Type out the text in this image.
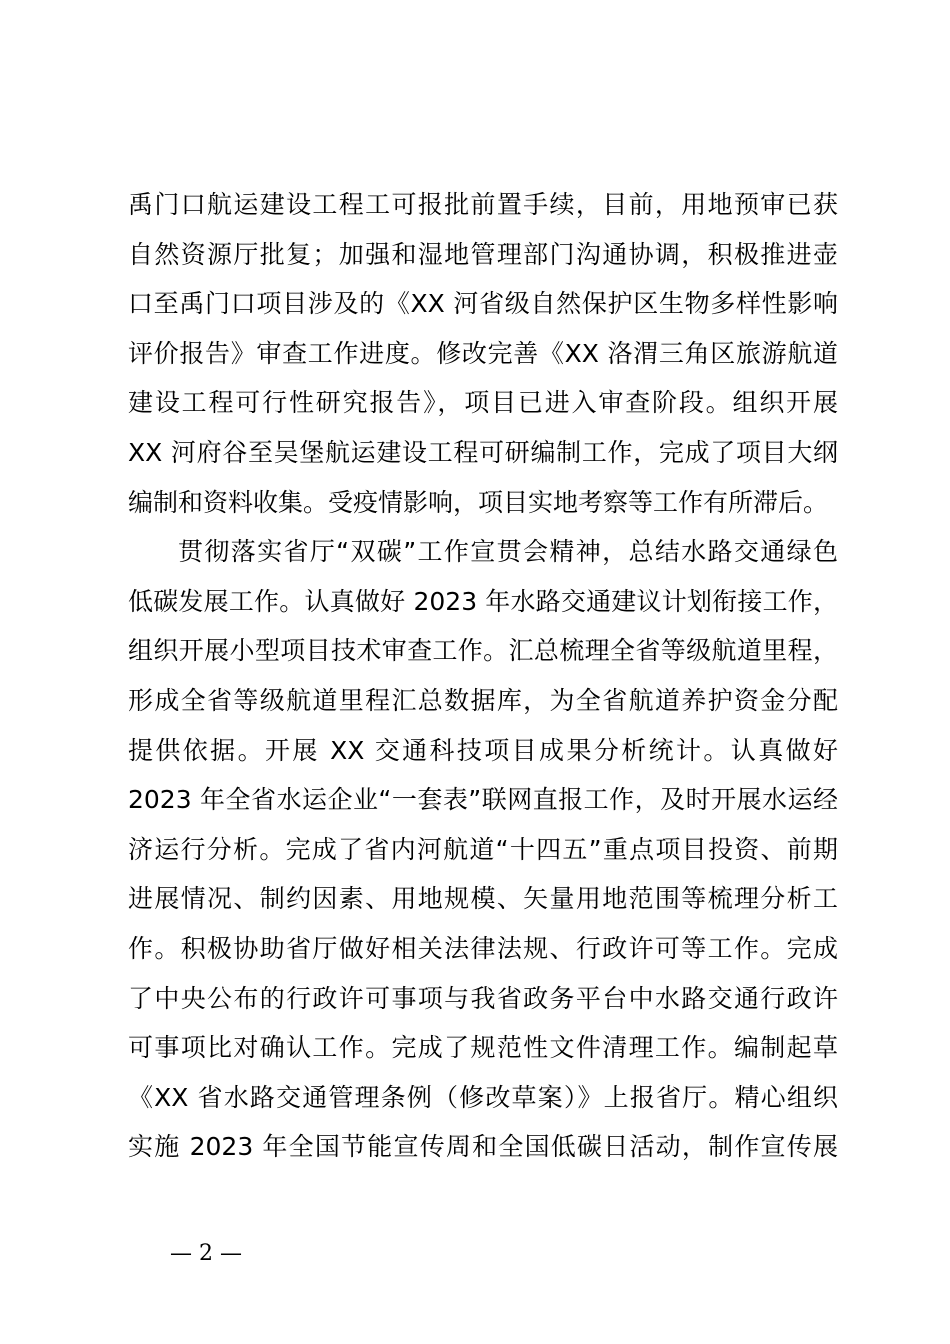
禹门口航运建设工程工可报批前置手续，目前，用地预审已获
自然资源厅批复；加强和湿地管理部门沟通协调，积极推进壶
口至禹门口项目涉及的《XX 河省级自然保护区生物多样性影响
评价报告》审查工作进度。修改完善《XX 洛渭三角区旅游航道
建设工程可行性研究报告》，项目已进入审查阶段。组织开展
XX 河府谷至吴堡航运建设工程可研编制工作，完成了项目大纲
编制和资料收集。受疫情影响，项目实地考察等工作有所滞后。
贯彻落实省厅“双碳”工作宣贯会精神，总结水路交通绿色
低碳发展工作。认真做好 2023 年水路交通建议计划衔接工作，
组织开展小型项目技术审查工作。汇总梳理全省等级航道里程，
形成全省等级航道里程汇总数据库，为全省航道养护资金分配
提供依据。开展 XX 交通科技项目成果分析统计。认真做好
2023 年全省水运企业“一套表”联网直报工作，及时开展水运经
济运行分析。完成了省内河航道“十四五”重点项目投资、前期
进展情况、制约因素、用地规模、矢量用地范围等梳理分析工
作。积极协助省厅做好相关法律法规、行政许可等工作。完成
了中央公布的行政许可事项与我省政务平台中水路交通行政许
可事项比对确认工作。完成了规范性文件清理工作。编制起草
《XX 省水路交通管理条例（修改草案）》上报省厅。精心组织
实施 2023 年全国节能宣传周和全国低碳日活动，制作宣传展
— 2 —
